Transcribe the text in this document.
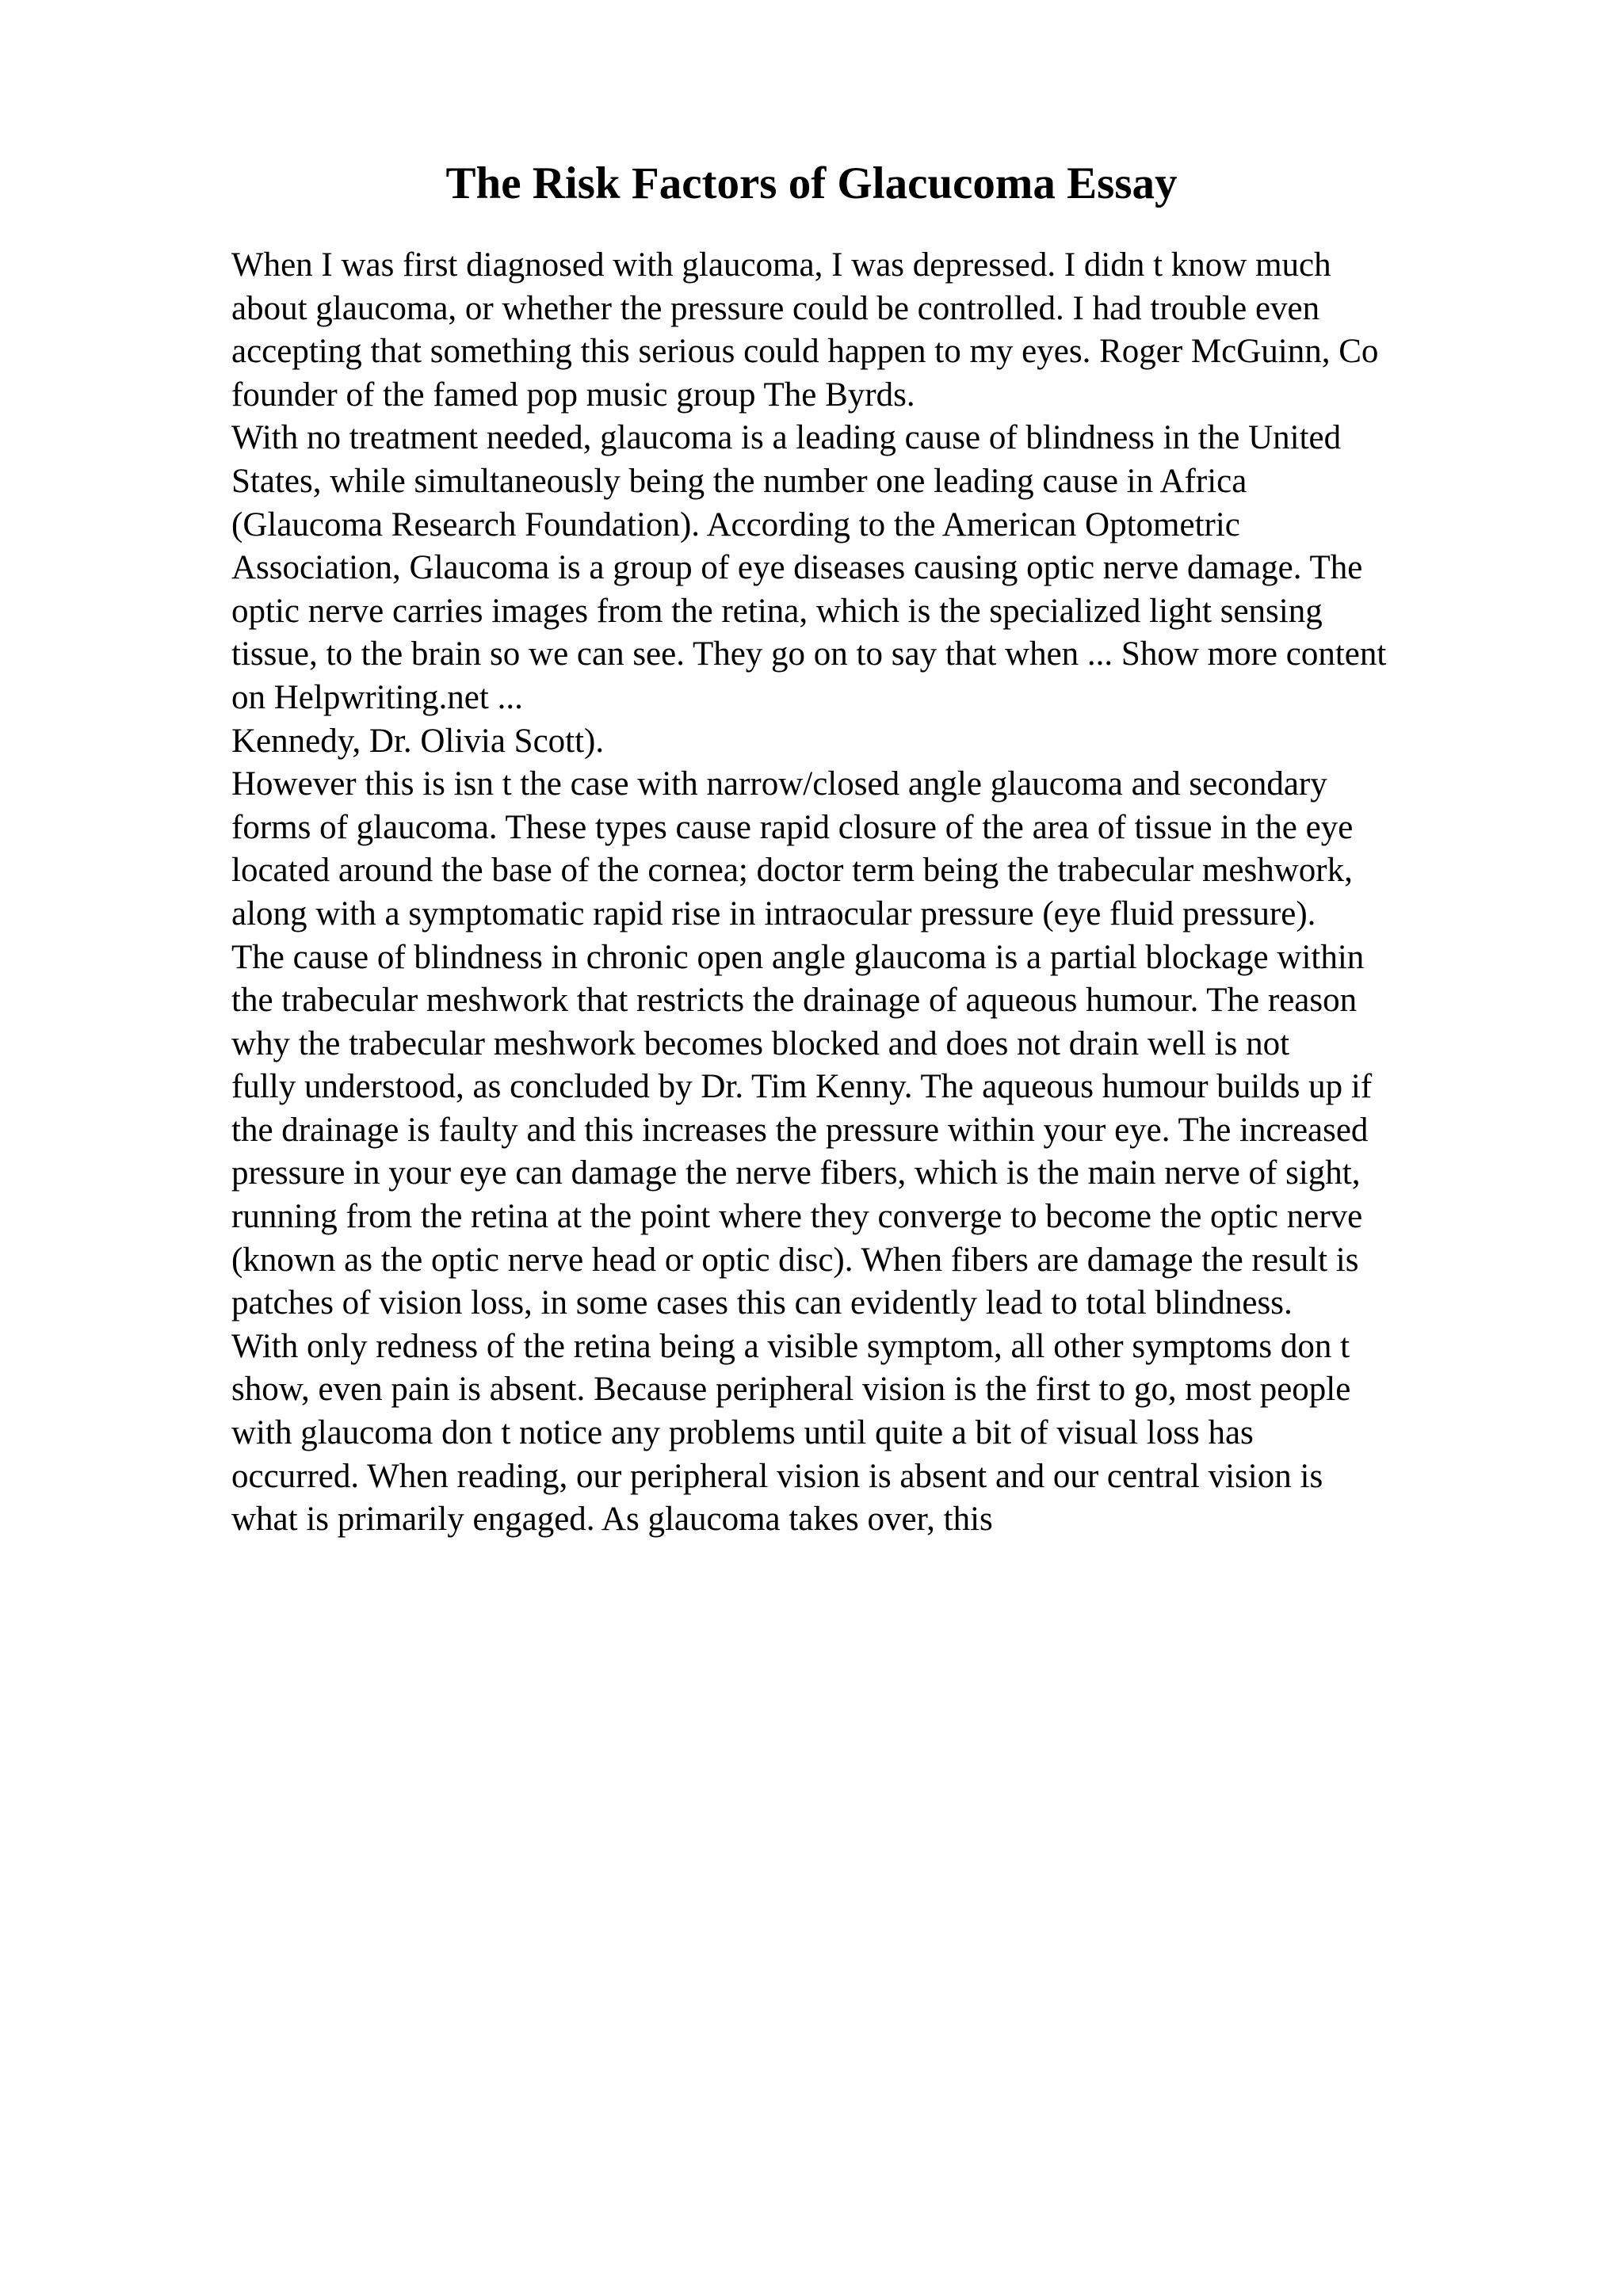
The Risk Factors of Glacucoma Essay
When I was first diagnosed with glaucoma, I was depressed. I didn t know much
about glaucoma, or whether the pressure could be controlled. I had trouble even
accepting that something this serious could happen to my eyes. Roger McGuinn, Co
founder of the famed pop music group The Byrds.
With no treatment needed, glaucoma is a leading cause of blindness in the United
States, while simultaneously being the number one leading cause in Africa
(Glaucoma Research Foundation). According to the American Optometric
Association, Glaucoma is a group of eye diseases causing optic nerve damage. The
optic nerve carries images from the retina, which is the specialized light sensing
tissue, to the brain so we can see. They go on to say that when ... Show more content
on Helpwriting.net ...
Kennedy, Dr. Olivia Scott).
However this is isn t the case with narrow/closed angle glaucoma and secondary
forms of glaucoma. These types cause rapid closure of the area of tissue in the eye
located around the base of the cornea; doctor term being the trabecular meshwork,
along with a symptomatic rapid rise in intraocular pressure (eye fluid pressure).
The cause of blindness in chronic open angle glaucoma is a partial blockage within
the trabecular meshwork that restricts the drainage of aqueous humour. The reason
why the trabecular meshwork becomes blocked and does not drain well is not
fully understood, as concluded by Dr. Tim Kenny. The aqueous humour builds up if
the drainage is faulty and this increases the pressure within your eye. The increased
pressure in your eye can damage the nerve fibers, which is the main nerve of sight,
running from the retina at the point where they converge to become the optic nerve
(known as the optic nerve head or optic disc). When fibers are damage the result is
patches of vision loss, in some cases this can evidently lead to total blindness.
With only redness of the retina being a visible symptom, all other symptoms don t
show, even pain is absent. Because peripheral vision is the first to go, most people
with glaucoma don t notice any problems until quite a bit of visual loss has
occurred. When reading, our peripheral vision is absent and our central vision is
what is primarily engaged. As glaucoma takes over, this
